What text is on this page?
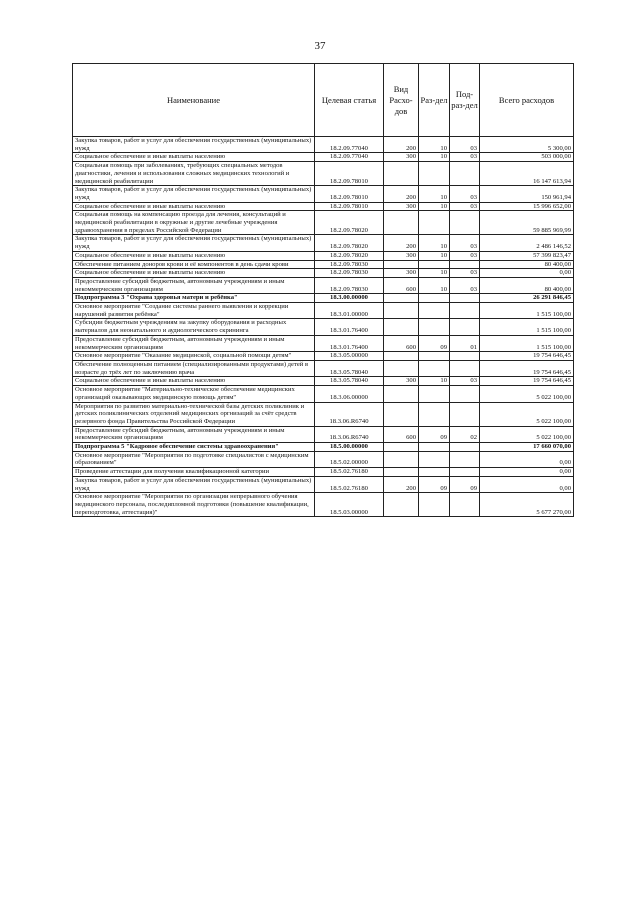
37
Наименование	Целевая статья	Вид Расхо-дов	Раз-дел	Под-раз-дел	Всего расходов
Закупка товаров, работ и услуг для обеспечения государственных (муниципальных) нужд	18.2.09.77040	200	10	03	5 300,00
Социальное обеспечение и иные выплаты населению	18.2.09.77040	300	10	03	503 000,00
Социальная помощь при заболеваниях, требующих специальных методов диагностики, лечения и использования сложных медицинских технологий и медицинской реабилитации	18.2.09.78010				16 147 613,94
Закупка товаров, работ и услуг для обеспечения государственных (муниципальных) нужд	18.2.09.78010	200	10	03	150 961,94
Социальное обеспечение и иные выплаты населению	18.2.09.78010	300	10	03	15 996 652,00
Социальная помощь на компенсацию проезда для лечения, консультаций и медицинской реабилитации в окружные и другие лечебные учреждения здравоохранения в пределах Российской Федерации	18.2.09.78020				59 885 969,99
Закупка товаров, работ и услуг для обеспечения государственных (муниципальных) нужд	18.2.09.78020	200	10	03	2 486 146,52
Социальное обеспечение и иные выплаты населению	18.2.09.78020	300	10	03	57 399 823,47
Обеспечение питанием доноров крови и её компонентов в день сдачи крови	18.2.09.78030				80 400,00
Социальное обеспечение и иные выплаты населению	18.2.09.78030	300	10	03	0,00
Предоставление субсидий бюджетным, автономным учреждениям и иным некоммерческим организациям	18.2.09.78030	600	10	03	80 400,00
Подпрограмма 3 "Охрана здоровья матери и ребёнка"	18.3.00.00000				26 291 846,45
Основное мероприятие "Создание системы раннего выявления и коррекции нарушений развития ребёнка"	18.3.01.00000				1 515 100,00
Субсидии бюджетным учреждениям на закупку оборудования и расходных материалов для неонатального и аудиологического скрининга	18.3.01.76400				1 515 100,00
Предоставление субсидий бюджетным, автономным учреждениям и иным некоммерческим организациям	18.3.01.76400	600	09	01	1 515 100,00
Основное мероприятие "Оказание медицинской, социальной помощи детям"	18.3.05.00000				19 754 646,45
Обеспечение полноценным питанием (специализированными продуктами) детей в возрасте до трёх лет по заключению врача	18.3.05.78040				19 754 646,45
Социальное обеспечение и иные выплаты населению	18.3.05.78040	300	10	03	19 754 646,45
Основное мероприятие "Материально-техническое обеспечение медицинских организаций оказывающих медицинскую помощь детям"	18.3.06.00000				5 022 100,00
Мероприятия по развитию материально-технической базы детских поликлиник и детских поликлинических отделений медицинских оргнизаций за счёт средств резервного фонда Правительства Российской Федерации	18.3.06.R6740				5 022 100,00
Предоставление субсидий бюджетным, автономным учреждениям и иным некоммерческим организациям	18.3.06.R6740	600	09	02	5 022 100,00
Подпрограмма 5 "Кадровое обеспечение системы здравоохранения"	18.5.00.00000				17 660 070,00
Основное мероприятие "Мероприятия по подготовке специалистов с медицинским образованием"	18.5.02.00000				0,00
Проведение аттестации для получения квалификационной категории	18.5.02.76180				0,00
Закупка товаров, работ и услуг для обеспечения государственных (муниципальных) нужд	18.5.02.76180	200	09	09	0,00
Основное мероприятие "Мероприятия по организации непрерывного обучения медицинского персонала, последипломной подготовки (повышение квалификации, переподготовка, аттестация)"	18.5.03.00000				5 677 270,00
